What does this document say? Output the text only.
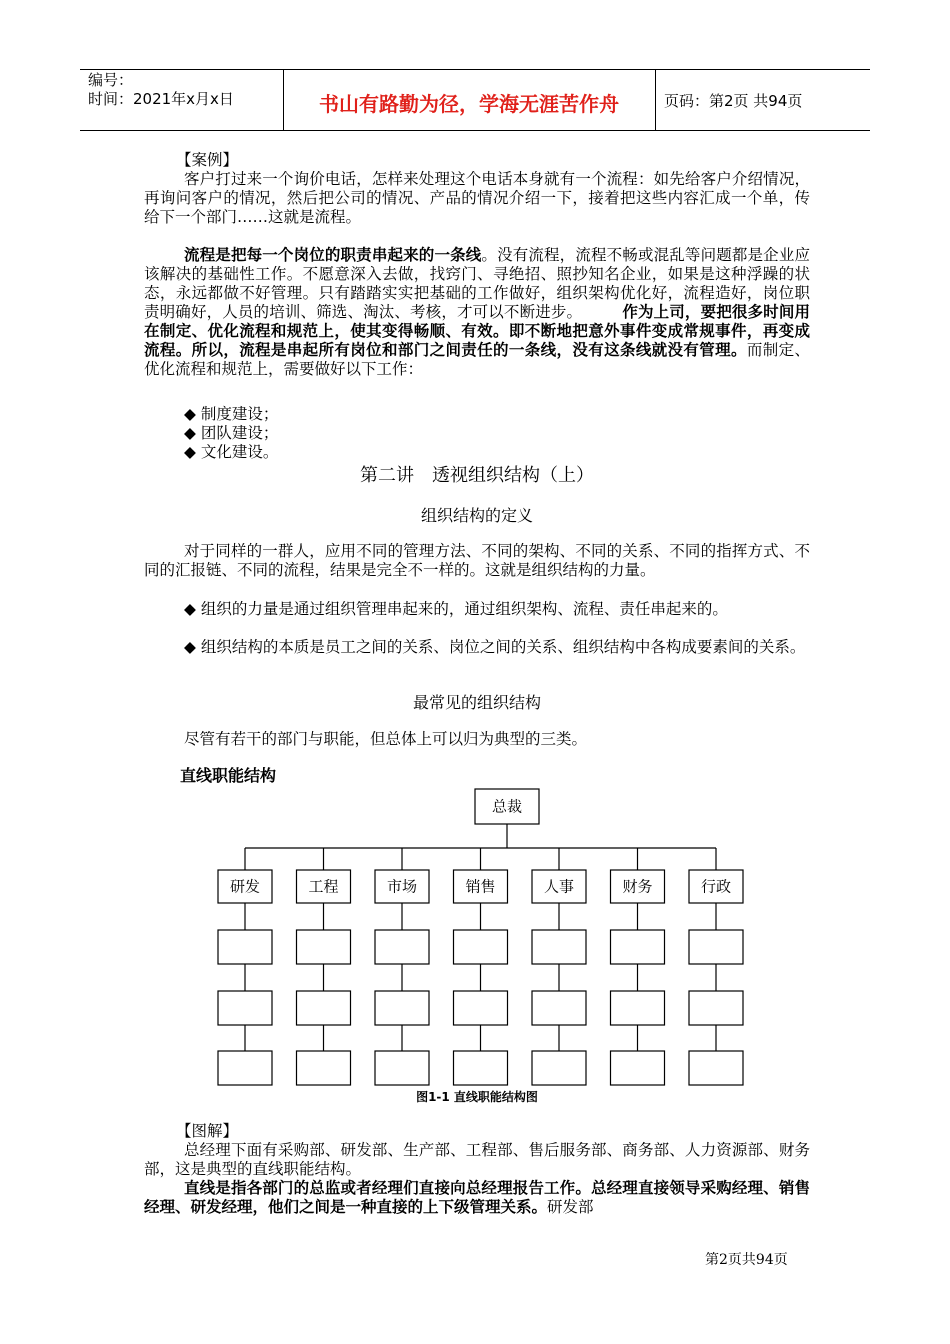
编号：
时间：2021年x月x日	书山有路勤为径，学海无涯苦作舟	页码：第2页 共94页
【案例】
客户打过来一个询价电话，怎样来处理这个电话本身就有一个流程：如先给客户介绍情况，再询问客户的情况，然后把公司的情况、产品的情况介绍一下，接着把这些内容汇成一个单，传给下一个部门……这就是流程。
流程是把每一个岗位的职责串起来的一条线。没有流程，流程不畅或混乱等问题都是企业应该解决的基础性工作。不愿意深入去做，找窍门、寻绝招、照抄知名企业，如果是这种浮躁的状态，永远都做不好管理。只有踏踏实实把基础的工作做好，组织架构优化好，流程造好，岗位职责明确好，人员的培训、筛选、淘汰、考核，才可以不断进步。	作为上司，要把很多时间用在制定、优化流程和规范上，使其变得畅顺、有效。即不断地把意外事件变成常规事件，再变成流程。所以，流程是串起所有岗位和部门之间责任的一条线，没有这条线就没有管理。而制定、优化流程和规范上，需要做好以下工作：
◆ 制度建设；
◆ 团队建设；
◆ 文化建设。
第二讲　透视组织结构（上）
组织结构的定义
对于同样的一群人，应用不同的管理方法、不同的架构、不同的关系、不同的指挥方式、不同的汇报链、不同的流程，结果是完全不一样的。这就是组织结构的力量。
◆ 组织的力量是通过组织管理串起来的，通过组织架构、流程、责任串起来的。
◆ 组织结构的本质是员工之间的关系、岗位之间的关系、组织结构中各构成要素间的关系。
最常见的组织结构
尽管有若干的部门与职能，但总体上可以归为典型的三类。
直线职能结构
总裁
研发	工程	市场	销售	人事	财务	行政
图1-1 直线职能结构图
【图解】
总经理下面有采购部、研发部、生产部、工程部、售后服务部、商务部、人力资源部、财务部，这是典型的直线职能结构。
直线是指各部门的总监或者经理们直接向总经理报告工作。总经理直接领导采购经理、销售经理、研发经理，他们之间是一种直接的上下级管理关系。研发部
第2页共94页
